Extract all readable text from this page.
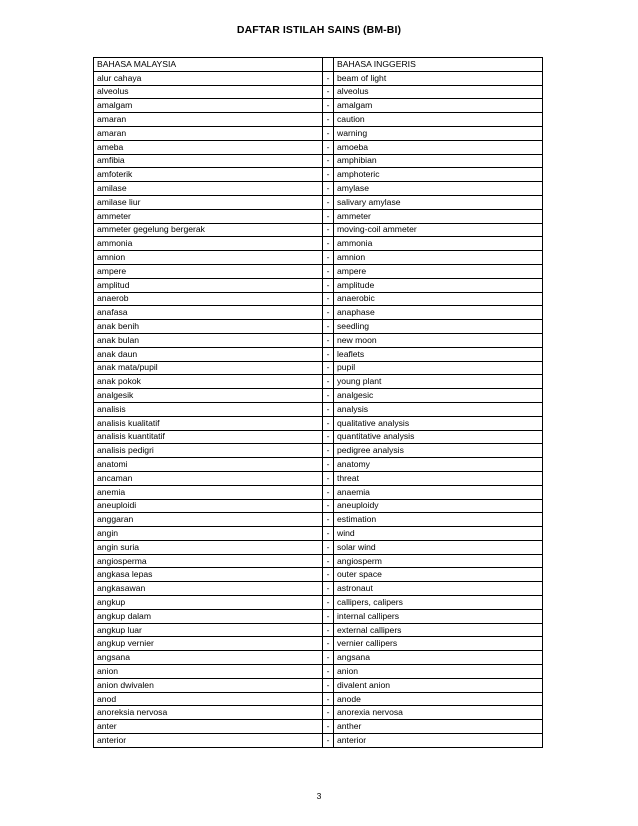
DAFTAR ISTILAH SAINS (BM-BI)
BAHASA MALAYSIA		BAHASA INGGERIS
alur cahaya	-	beam of light
alveolus	-	alveolus
amalgam	-	amalgam
amaran	-	caution
amaran	-	warning
ameba	-	amoeba
amfibia	-	amphibian
amfoterik	-	amphoteric
amilase	-	amylase
amilase liur	-	salivary amylase
ammeter	-	ammeter
ammeter gegelung bergerak	-	moving-coil ammeter
ammonia	-	ammonia
amnion	-	amnion
ampere	-	ampere
amplitud	-	amplitude
anaerob	-	anaerobic
anafasa	-	anaphase
anak benih	-	seedling
anak bulan	-	new moon
anak daun	-	leaflets
anak mata/pupil	-	pupil
anak pokok	-	young plant
analgesik	-	analgesic
analisis	-	analysis
analisis kualitatif	-	qualitative analysis
analisis kuantitatif	-	quantitative analysis
analisis pedigri	-	pedigree analysis
anatomi	-	anatomy
ancaman	-	threat
anemia	-	anaemia
aneuploidi	-	aneuploidy
anggaran	-	estimation
angin	-	wind
angin suria	-	solar wind
angiosperma	-	angiosperm
angkasa lepas	-	outer space
angkasawan	-	astronaut
angkup	-	callipers, calipers
angkup dalam	-	internal callipers
angkup luar	-	external callipers
angkup vernier	-	vernier callipers
angsana	-	angsana
anion	-	anion
anion dwivalen	-	divalent anion
anod	-	anode
anoreksia nervosa	-	anorexia nervosa
anter	-	anther
anterior	-	anterior
3
